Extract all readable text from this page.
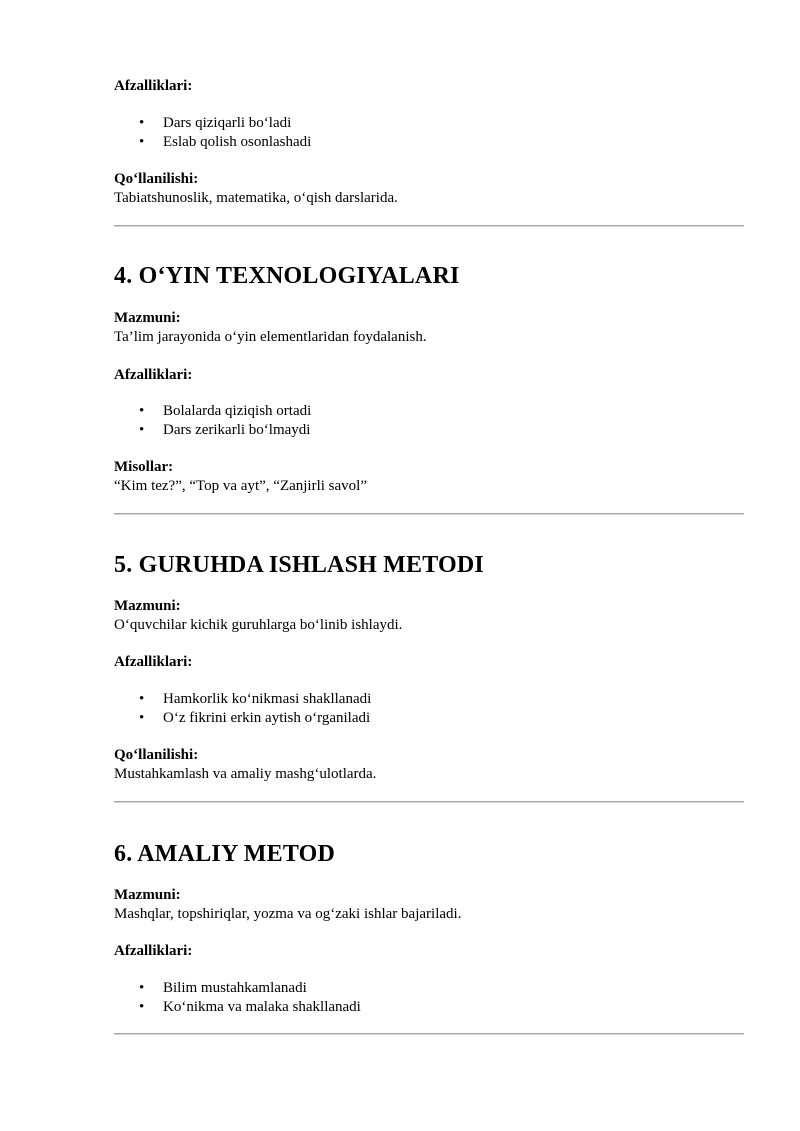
Afzalliklari:

• Dars qiziqarli bo‘ladi
• Eslab qolish osonlashadi

Qo‘llanilishi:

Tabiatshunoslik, matematika, o‘qish darslarida.

4. O‘YIN TEXNOLOGIYALARI

Mazmuni:

Ta’lim jarayonida o‘yin elementlaridan foydalanish.

Afzalliklari:

• Bolalarda qiziqish ortadi
• Dars zerikarli bo‘lmaydi

Misollar:

“Kim tez?”, “Top va ayt”, “Zanjirli savol”

5. GURUHDA ISHLASH METODI

Mazmuni:

O‘quvchilar kichik guruhlarga bo‘linib ishlaydi.

Afzalliklari:

• Hamkorlik ko‘nikmasi shakllanadi
• O‘z fikrini erkin aytish o‘rganiladi

Qo‘llanilishi:

Mustahkamlash va amaliy mashg‘ulotlarda.

6. AMALIY METOD

Mazmuni:

Mashqlar, topshiriqlar, yozma va og‘zaki ishlar bajariladi.

Afzalliklari:

• Bilim mustahkamlanadi
• Ko‘nikma va malaka shakllanadi
